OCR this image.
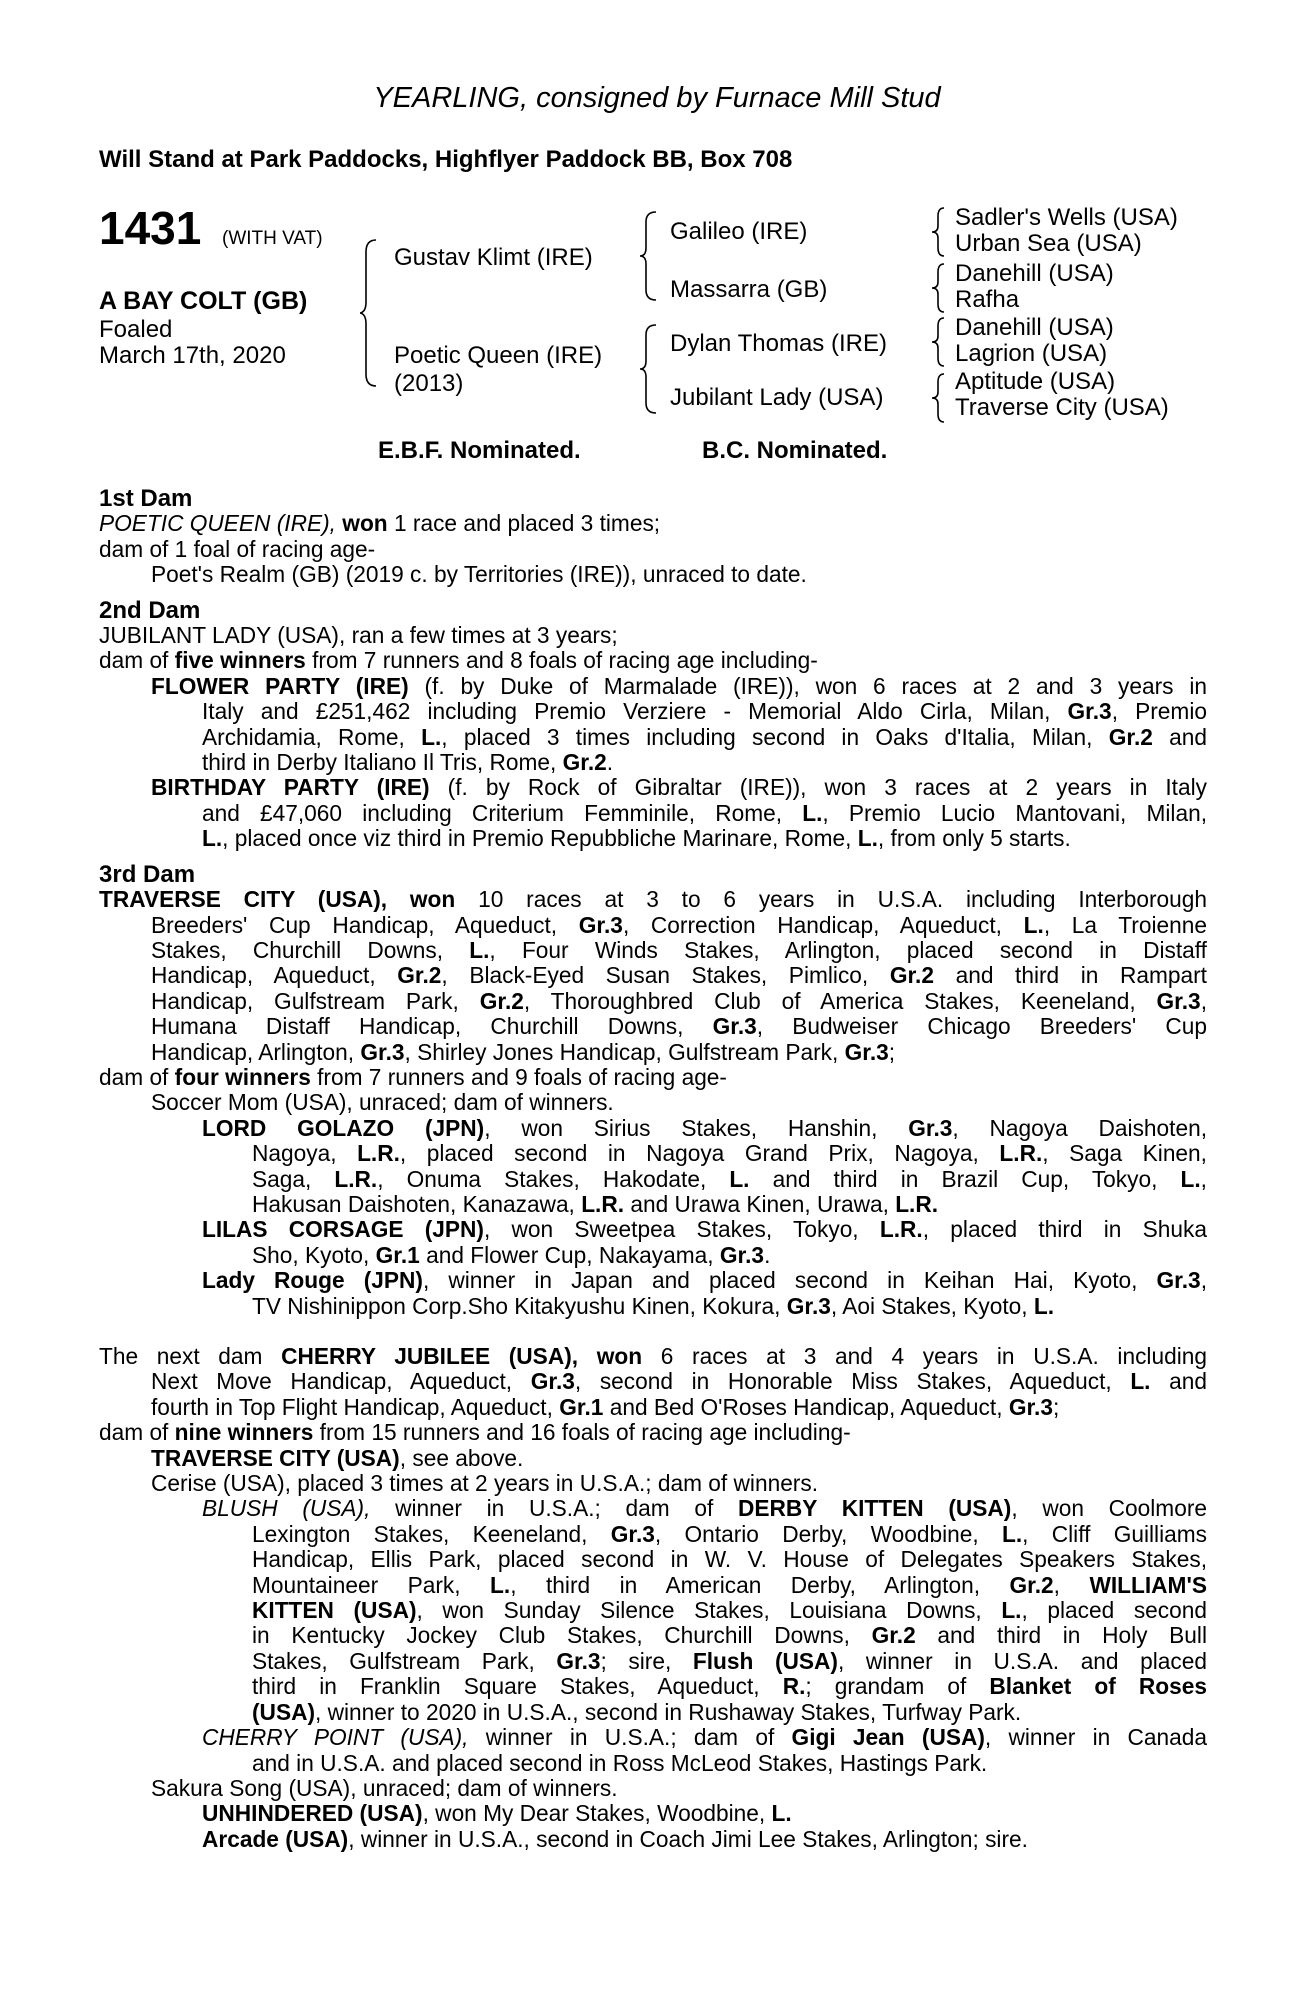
YEARLING, consigned by Furnace Mill Stud
Will Stand at Park Paddocks, Highflyer Paddock BB, Box 708
1431 (WITH VAT)
A BAY COLT (GB)
Foaled
March 17th, 2020
Gustav Klimt (IRE)
Poetic Queen (IRE)
(2013)
Galileo (IRE)
Massarra (GB)
Dylan Thomas (IRE)
Jubilant Lady (USA)
Sadler's Wells (USA)
Urban Sea (USA)
Danehill (USA)
Rafha
Danehill (USA)
Lagrion (USA)
Aptitude (USA)
Traverse City (USA)
E.B.F. Nominated.	B.C. Nominated.
1st Dam
POETIC QUEEN (IRE), won 1 race and placed 3 times;
dam of 1 foal of racing age-
Poet's Realm (GB) (2019 c. by Territories (IRE)), unraced to date.
2nd Dam
JUBILANT LADY (USA), ran a few times at 3 years;
dam of five winners from 7 runners and 8 foals of racing age including-
FLOWER PARTY (IRE) (f. by Duke of Marmalade (IRE)), won 6 races at 2 and 3 years in
Italy and £251,462 including Premio Verziere - Memorial Aldo Cirla, Milan, Gr.3, Premio
Archidamia, Rome, L., placed 3 times including second in Oaks d'Italia, Milan, Gr.2 and
third in Derby Italiano Il Tris, Rome, Gr.2.
BIRTHDAY PARTY (IRE) (f. by Rock of Gibraltar (IRE)), won 3 races at 2 years in Italy
and £47,060 including Criterium Femminile, Rome, L., Premio Lucio Mantovani, Milan,
L., placed once viz third in Premio Repubbliche Marinare, Rome, L., from only 5 starts.
3rd Dam
TRAVERSE CITY (USA), won 10 races at 3 to 6 years in U.S.A. including Interborough
Breeders' Cup Handicap, Aqueduct, Gr.3, Correction Handicap, Aqueduct, L., La Troienne
Stakes, Churchill Downs, L., Four Winds Stakes, Arlington, placed second in Distaff
Handicap, Aqueduct, Gr.2, Black-Eyed Susan Stakes, Pimlico, Gr.2 and third in Rampart
Handicap, Gulfstream Park, Gr.2, Thoroughbred Club of America Stakes, Keeneland, Gr.3,
Humana Distaff Handicap, Churchill Downs, Gr.3, Budweiser Chicago Breeders' Cup
Handicap, Arlington, Gr.3, Shirley Jones Handicap, Gulfstream Park, Gr.3;
dam of four winners from 7 runners and 9 foals of racing age-
Soccer Mom (USA), unraced; dam of winners.
LORD GOLAZO (JPN), won Sirius Stakes, Hanshin, Gr.3, Nagoya Daishoten,
Nagoya, L.R., placed second in Nagoya Grand Prix, Nagoya, L.R., Saga Kinen,
Saga, L.R., Onuma Stakes, Hakodate, L. and third in Brazil Cup, Tokyo, L.,
Hakusan Daishoten, Kanazawa, L.R. and Urawa Kinen, Urawa, L.R.
LILAS CORSAGE (JPN), won Sweetpea Stakes, Tokyo, L.R., placed third in Shuka
Sho, Kyoto, Gr.1 and Flower Cup, Nakayama, Gr.3.
Lady Rouge (JPN), winner in Japan and placed second in Keihan Hai, Kyoto, Gr.3,
TV Nishinippon Corp.Sho Kitakyushu Kinen, Kokura, Gr.3, Aoi Stakes, Kyoto, L.
The next dam CHERRY JUBILEE (USA), won 6 races at 3 and 4 years in U.S.A. including
Next Move Handicap, Aqueduct, Gr.3, second in Honorable Miss Stakes, Aqueduct, L. and
fourth in Top Flight Handicap, Aqueduct, Gr.1 and Bed O'Roses Handicap, Aqueduct, Gr.3;
dam of nine winners from 15 runners and 16 foals of racing age including-
TRAVERSE CITY (USA), see above.
Cerise (USA), placed 3 times at 2 years in U.S.A.; dam of winners.
BLUSH (USA), winner in U.S.A.; dam of DERBY KITTEN (USA), won Coolmore
Lexington Stakes, Keeneland, Gr.3, Ontario Derby, Woodbine, L., Cliff Guilliams
Handicap, Ellis Park, placed second in W. V. House of Delegates Speakers Stakes,
Mountaineer Park, L., third in American Derby, Arlington, Gr.2, WILLIAM'S
KITTEN (USA), won Sunday Silence Stakes, Louisiana Downs, L., placed second
in Kentucky Jockey Club Stakes, Churchill Downs, Gr.2 and third in Holy Bull
Stakes, Gulfstream Park, Gr.3; sire, Flush (USA), winner in U.S.A. and placed
third in Franklin Square Stakes, Aqueduct, R.; grandam of Blanket of Roses
(USA), winner to 2020 in U.S.A., second in Rushaway Stakes, Turfway Park.
CHERRY POINT (USA), winner in U.S.A.; dam of Gigi Jean (USA), winner in Canada
and in U.S.A. and placed second in Ross McLeod Stakes, Hastings Park.
Sakura Song (USA), unraced; dam of winners.
UNHINDERED (USA), won My Dear Stakes, Woodbine, L.
Arcade (USA), winner in U.S.A., second in Coach Jimi Lee Stakes, Arlington; sire.
